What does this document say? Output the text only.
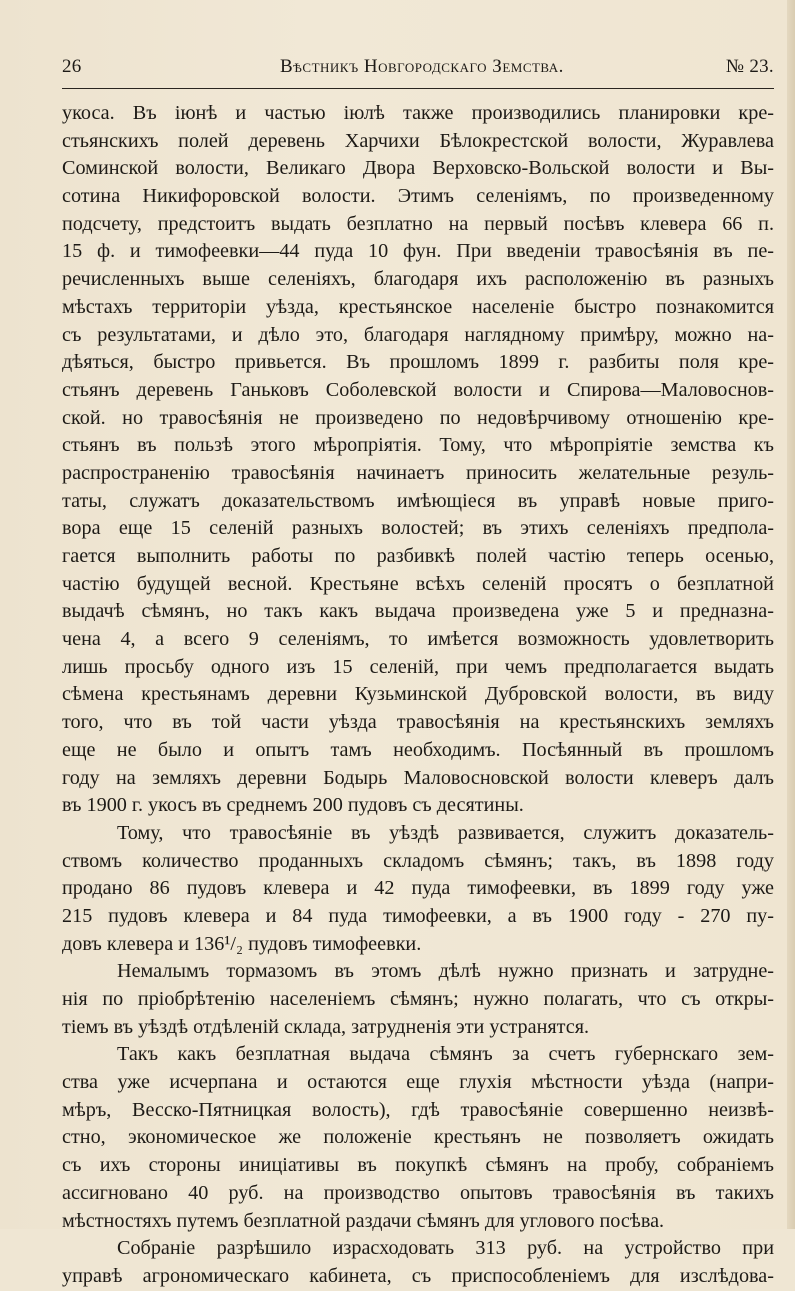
26	Вѣстникъ Новгородскаго Земства.	№ 23.
укоса. Въ іюнѣ и частью іюлѣ также производились планировки кре-
стьянскихъ полей деревень Харчихи Бѣлокрестской волости, Журавлева
Соминской волости, Великаго Двора Верховско-Вольской волости и Вы-
сотина Никифоровской волости. Этимъ селеніямъ, по произведенному
подсчету, предстоитъ выдать безплатно на первый посѣвъ клевера 66 п.
15 ф. и тимофеевки—44 пуда 10 фун. При введеніи травосѣянія въ пе-
речисленныхъ выше селеніяхъ, благодаря ихъ расположенію въ разныхъ
мѣстахъ территоріи уѣзда, крестьянское населеніе быстро познакомится
съ результатами, и дѣло это, благодаря наглядному примѣру, можно на-
дѣяться, быстро привьется. Въ прошломъ 1899 г. разбиты поля кре-
стьянъ деревень Ганьковъ Соболевской волости и Спирова—Маловоснов-
ской. но травосѣянія не произведено по недовѣрчивому отношенію кре-
стьянъ въ пользѣ этого мѣропріятія. Тому, что мѣропріятіе земства къ
распространенію травосѣянія начинаетъ приносить желательные резуль-
таты, служатъ доказательствомъ имѣющіеся въ управѣ новые приго-
вора еще 15 селеній разныхъ волостей; въ этихъ селеніяхъ предпола-
гается выполнить работы по разбивкѣ полей частію теперь осенью,
частію будущей весной. Крестьяне всѣхъ селеній просятъ о безплатной
выдачѣ сѣмянъ, но такъ какъ выдача произведена уже 5 и предназна-
чена 4, а всего 9 селеніямъ, то имѣется возможность удовлетворить
лишь просьбу одного изъ 15 селеній, при чемъ предполагается выдать
сѣмена крестьянамъ деревни Кузьминской Дубровской волости, въ виду
того, что въ той части уѣзда травосѣянія на крестьянскихъ земляхъ
еще не было и опытъ тамъ необходимъ. Посѣянный въ прошломъ
году на земляхъ деревни Бодырь Маловосновской волости клеверъ далъ
въ 1900 г. укосъ въ среднемъ 200 пудовъ съ десятины.
Тому, что травосѣяніе въ уѣздѣ развивается, служитъ доказатель-
ствомъ количество проданныхъ складомъ сѣмянъ; такъ, въ 1898 году
продано 86 пудовъ клевера и 42 пуда тимофеевки, въ 1899 году уже
215 пудовъ клевера и 84 пуда тимофеевки, а въ 1900 году - 270 пу-
довъ клевера и 136¹/₂ пудовъ тимофеевки.
Немалымъ тормазомъ въ этомъ дѣлѣ нужно признать и затрудне-
нія по пріобрѣтенію населеніемъ сѣмянъ; нужно полагать, что съ откры-
тіемъ въ уѣздѣ отдѣленій склада, затрудненія эти устранятся.
Такъ какъ безплатная выдача сѣмянъ за счетъ губернскаго зем-
ства уже исчерпана и остаются еще глухія мѣстности уѣзда (напри-
мѣръ, Весско-Пятницкая волость), гдѣ травосѣяніе совершенно неизвѣ-
стно, экономическое же положеніе крестьянъ не позволяетъ ожидать
съ ихъ стороны иниціативы въ покупкѣ сѣмянъ на пробу, собраніемъ
ассигновано 40 руб. на производство опытовъ травосѣянія въ такихъ
мѣстностяхъ путемъ безплатной раздачи сѣмянъ для углового посѣва.
Собраніе разрѣшило израсходовать 313 руб. на устройство при
управѣ агрономическаго кабинета, съ приспособленіемъ для изслѣдова-
